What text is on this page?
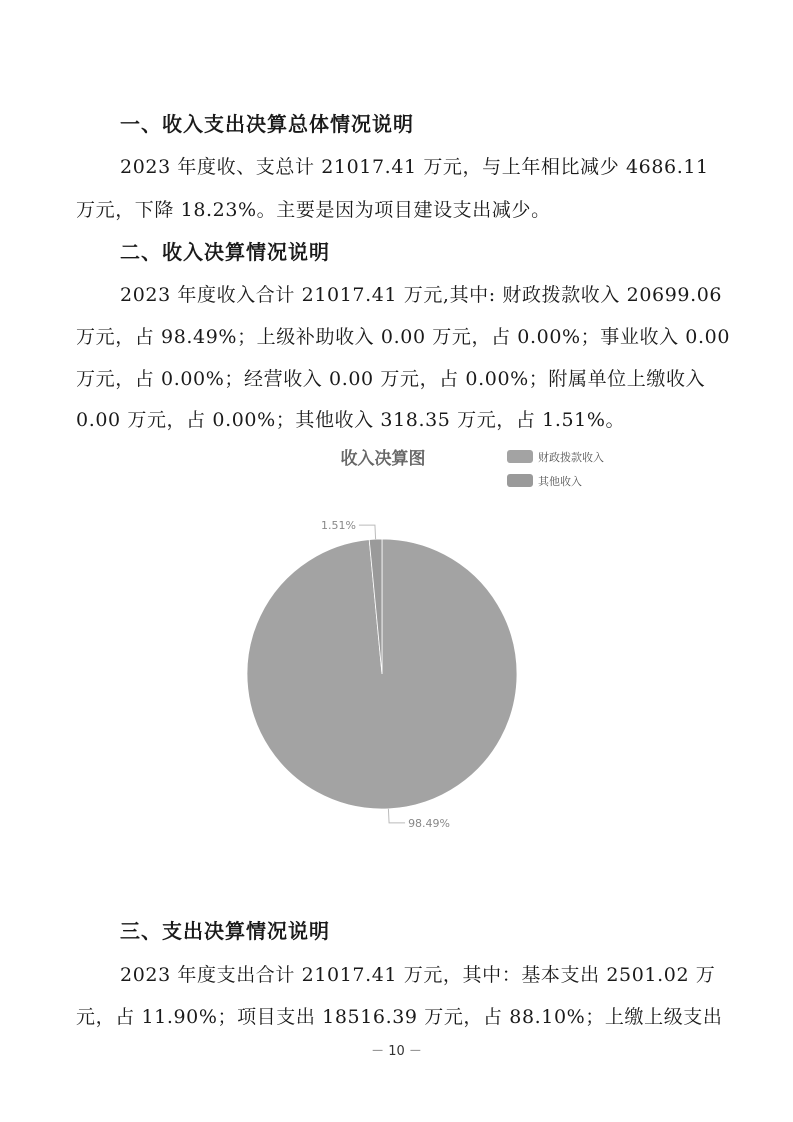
一、收入支出决算总体情况说明
2023 年度收、支总计 21017.41 万元，与上年相比减少 4686.11
万元，下降 18.23%。主要是因为项目建设支出减少。
二、收入决算情况说明
2023 年度收入合计 21017.41 万元,其中: 财政拨款收入 20699.06
万元，占 98.49%；上级补助收入 0.00 万元，占 0.00%；事业收入 0.00
万元，占 0.00%；经营收入 0.00 万元，占 0.00%；附属单位上缴收入
0.00 万元，占 0.00%；其他收入 318.35 万元，占 1.51%。
收入决算图	财政拨款收入
其他收入
98.49%
1.51%
三、支出决算情况说明
2023 年度支出合计 21017.41 万元，其中：基本支出 2501.02 万
元，占 11.90%；项目支出 18516.39 万元，占 88.10%；上缴上级支出
－ 10 －
